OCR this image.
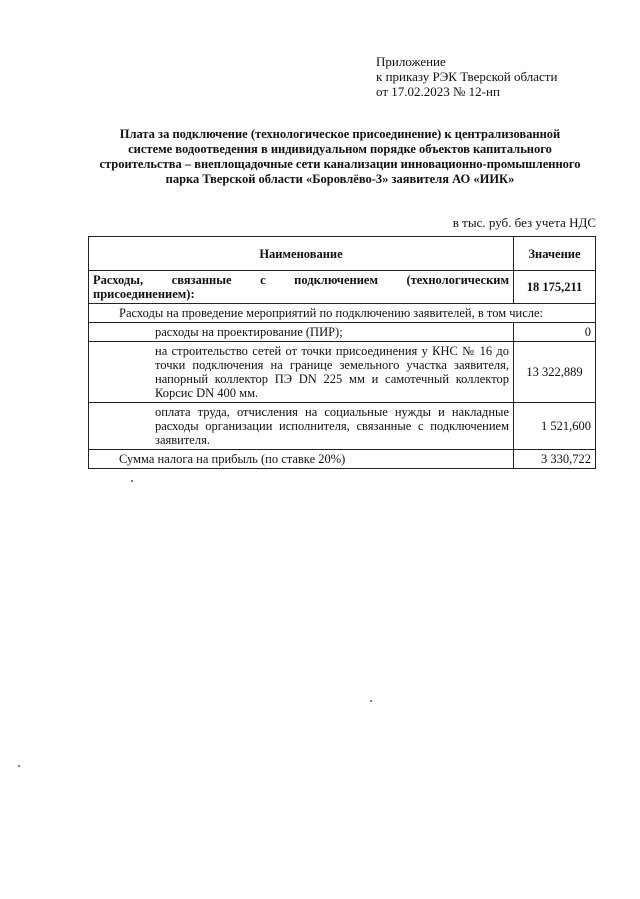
Приложение
к приказу РЭК Тверской области
от 17.02.2023 № 12-нп
Плата за подключение (технологическое присоединение) к централизованной
системе водоотведения в индивидуальном порядке объектов капитального
строительства – внеплощадочные сети канализации инновационно-промышленного
парка Тверской области «Боровлёво-3» заявителя АО «ИИК»
в тыс. руб. без учета НДС
Наименование	Значение
Расходы, связанные с подключением (технологическим присоединением):	18 175,211
Расходы на проведение мероприятий по подключению заявителей, в том числе:	
расходы на проектирование (ПИР);	0
на строительство сетей от точки присоединения у КНС № 16 до точки подключения на границе земельного участка заявителя, напорный коллектор ПЭ DN 225 мм и самотечный коллектор Корсис DN 400 мм.	13 322,889
оплата труда, отчисления на социальные нужды и накладные расходы организации исполнителя, связанные с подключением заявителя.	1 521,600
Сумма налога на прибыль (по ставке 20%)	3 330,722
